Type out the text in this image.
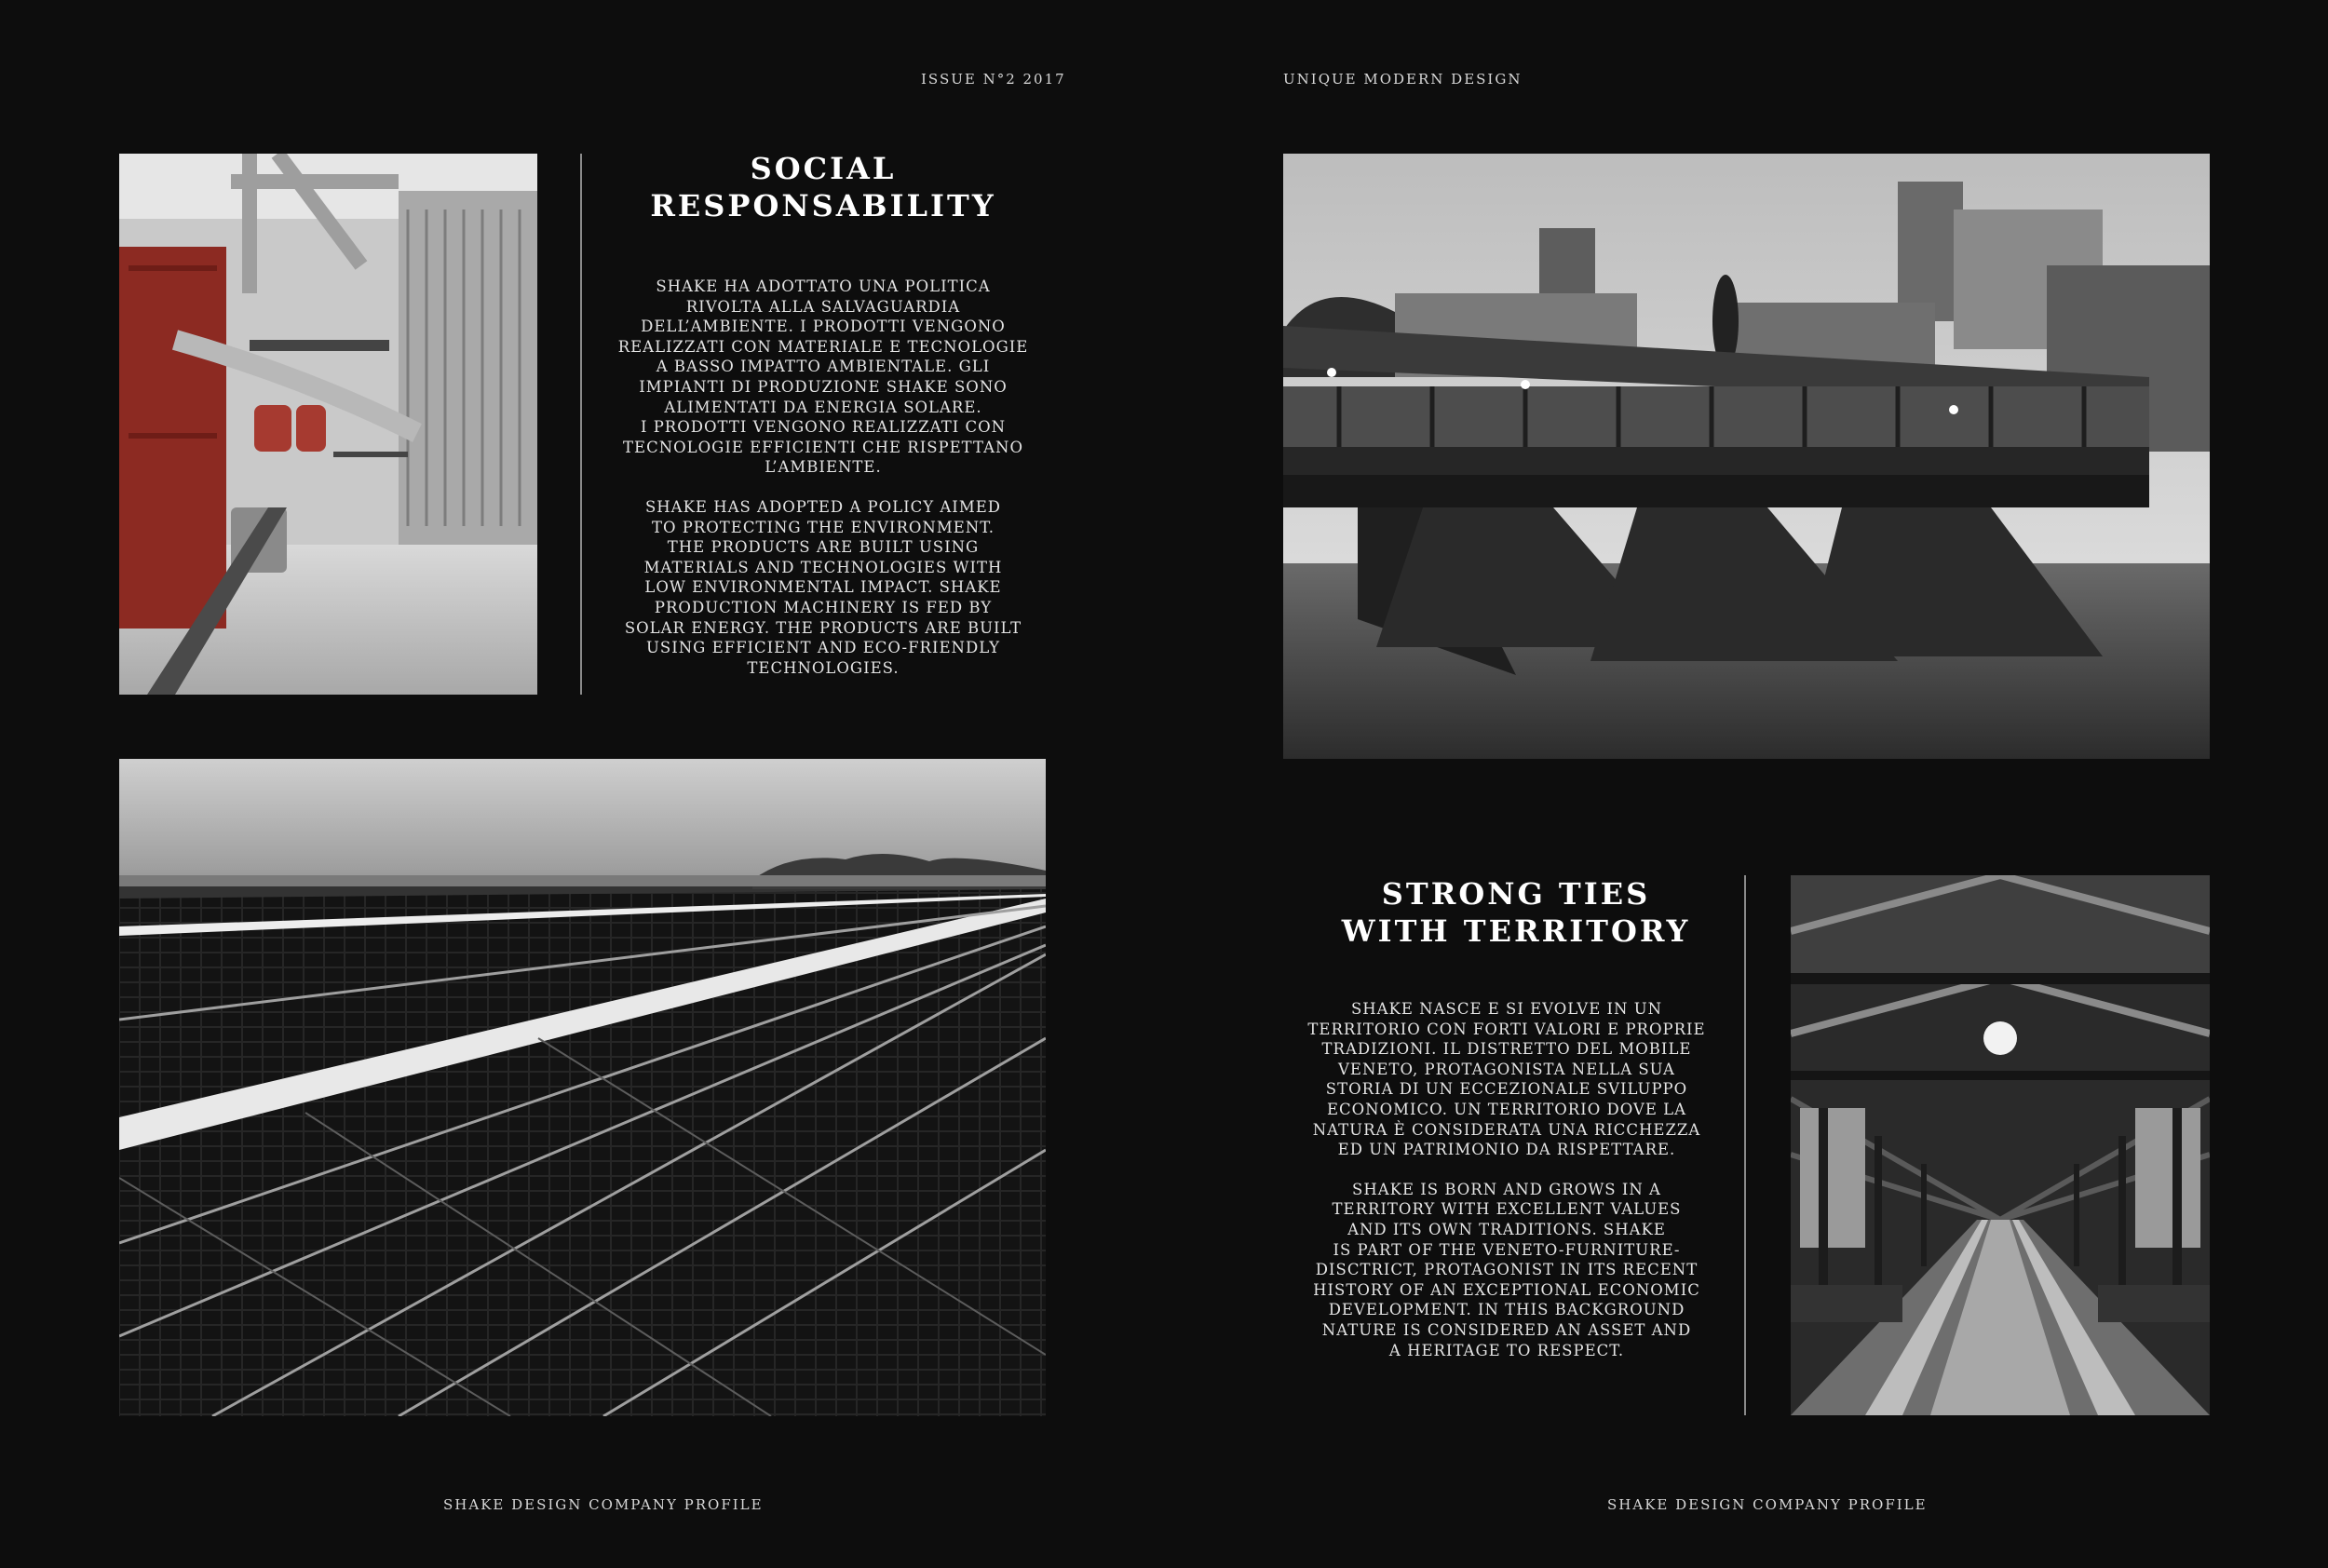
ISSUE N°2 2017	UNIQUE MODERN DESIGN
SOCIAL
RESPONSABILITY

SHAKE HA ADOTTATO UNA POLITICA
RIVOLTA ALLA SALVAGUARDIA
DELL’AMBIENTE. I PRODOTTI VENGONO
REALIZZATI CON MATERIALE E TECNOLOGIE
A BASSO IMPATTO AMBIENTALE. GLI
IMPIANTI DI PRODUZIONE SHAKE SONO
ALIMENTATI DA ENERGIA SOLARE.
I PRODOTTI VENGONO REALIZZATI CON
TECNOLOGIE EFFICIENTI CHE RISPETTANO
L’AMBIENTE.

SHAKE HAS ADOPTED A POLICY AIMED
TO PROTECTING THE ENVIRONMENT.
THE PRODUCTS ARE BUILT USING
MATERIALS AND TECHNOLOGIES WITH
LOW ENVIRONMENTAL IMPACT. SHAKE
PRODUCTION MACHINERY IS FED BY
SOLAR ENERGY. THE PRODUCTS ARE BUILT
USING EFFICIENT AND ECO-FRIENDLY
TECHNOLOGIES.

STRONG TIES
WITH TERRITORY

SHAKE NASCE E SI EVOLVE IN UN
TERRITORIO CON FORTI VALORI E PROPRIE
TRADIZIONI. IL DISTRETTO DEL MOBILE
VENETO, PROTAGONISTA NELLA SUA
STORIA DI UN ECCEZIONALE SVILUPPO
ECONOMICO. UN TERRITORIO DOVE LA
NATURA È CONSIDERATA UNA RICCHEZZA
ED UN PATRIMONIO DA RISPETTARE.

SHAKE IS BORN AND GROWS IN A
TERRITORY WITH EXCELLENT VALUES
AND ITS OWN TRADITIONS. SHAKE
IS PART OF THE VENETO-FURNITURE-
DISCTRICT, PROTAGONIST IN ITS RECENT
HISTORY OF AN EXCEPTIONAL ECONOMIC
DEVELOPMENT. IN THIS BACKGROUND
NATURE IS CONSIDERED AN ASSET AND
A HERITAGE TO RESPECT.

SHAKE DESIGN COMPANY PROFILE	SHAKE DESIGN COMPANY PROFILE
